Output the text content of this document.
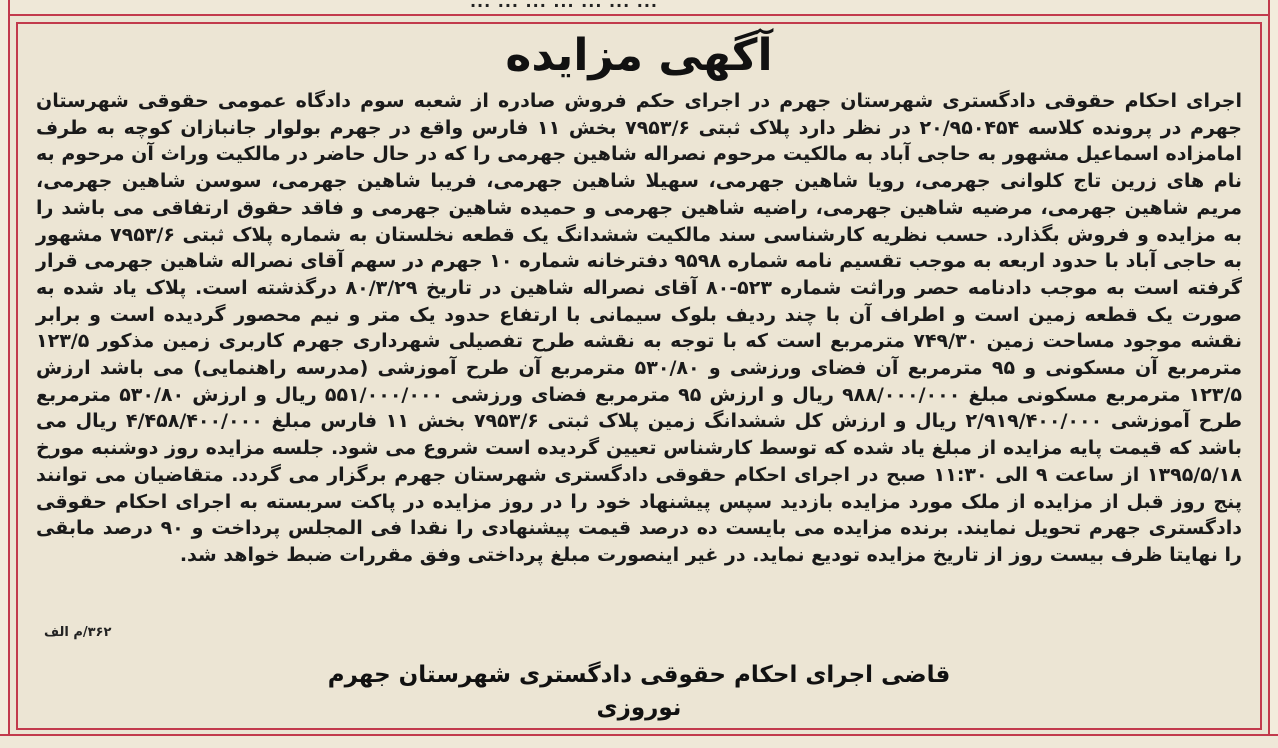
... ... ... ... ... ... ...
آگهی مزایده
اجرای احکام حقوقی دادگستری شهرستان جهرم در اجرای حکم فروش صادره از شعبه سوم دادگاه عمومی حقوقی شهرستان جهرم در پرونده کلاسه ۲۰/۹۵۰۴۵۴ در نظر دارد پلاک ثبتی ۷۹۵۳/۶ بخش ۱۱ فارس واقع در جهرم بولوار جانبازان کوچه به طرف امامزاده اسماعیل مشهور به حاجی آباد به مالکیت مرحوم نصراله شاهین جهرمی را که در حال حاضر در مالکیت وراث آن مرحوم به نام های زرین تاج کلوانی جهرمی، رویا شاهین جهرمی، سهیلا شاهین جهرمی، فریبا شاهین جهرمی، سوسن شاهین جهرمی، مریم شاهین جهرمی، مرضیه شاهین جهرمی، راضیه شاهین جهرمی و حمیده شاهین جهرمی و فاقد حقوق ارتفاقی می باشد را به مزایده و فروش بگذارد. حسب نظریه کارشناسی سند مالکیت ششدانگ یک قطعه نخلستان به شماره پلاک ثبتی ۷۹۵۳/۶ مشهور به حاجی آباد با حدود اربعه به موجب تقسیم نامه شماره ۹۵۹۸ دفترخانه شماره ۱۰ جهرم در سهم آقای نصراله شاهین جهرمی قرار گرفته است به موجب دادنامه حصر وراثت شماره ۵۲۳-۸۰ آقای نصراله شاهین در تاریخ ۸۰/۳/۲۹ درگذشته است. پلاک یاد شده به صورت یک قطعه زمین است و اطراف آن با چند ردیف بلوک سیمانی با ارتفاع حدود یک متر و نیم محصور گردیده است و برابر نقشه موجود مساحت زمین ۷۴۹/۳۰ مترمربع است که با توجه به نقشه طرح تفصیلی شهرداری جهرم کاربری زمین مذکور ۱۲۳/۵ مترمربع آن مسکونی و ۹۵ مترمربع آن فضای ورزشی و ۵۳۰/۸۰ مترمربع آن طرح آموزشی (مدرسه راهنمایی) می باشد ارزش ۱۲۳/۵ مترمربع مسکونی مبلغ ۹۸۸/۰۰۰/۰۰۰ ریال و ارزش ۹۵ مترمربع فضای ورزشی ۵۵۱/۰۰۰/۰۰۰ ریال و ارزش ۵۳۰/۸۰ مترمربع طرح آموزشی ۲/۹۱۹/۴۰۰/۰۰۰ ریال و ارزش کل ششدانگ زمین پلاک ثبتی ۷۹۵۳/۶ بخش ۱۱ فارس مبلغ ۴/۴۵۸/۴۰۰/۰۰۰ ریال می باشد که قیمت پایه مزایده از مبلغ یاد شده که توسط کارشناس تعیین گردیده است شروع می شود. جلسه مزایده روز دوشنبه مورخ ۱۳۹۵/۵/۱۸ از ساعت ۹ الی ۱۱:۳۰ صبح در اجرای احکام حقوقی دادگستری شهرستان جهرم برگزار می گردد. متقاضیان می توانند پنج روز قبل از مزایده از ملک مورد مزایده بازدید سپس پیشنهاد خود را در روز مزایده در پاکت سربسته به اجرای احکام حقوقی دادگستری جهرم تحویل نمایند. برنده مزایده می بایست ده درصد قیمت پیشنهادی را نقدا فی المجلس پرداخت و ۹۰ درصد مابقی را نهایتا ظرف بیست روز از تاریخ مزایده تودیع نماید. در غیر اینصورت مبلغ پرداختی وفق مقررات ضبط خواهد شد.
۳۶۲/م الف
قاضی اجرای احکام حقوقی دادگستری شهرستان جهرم
نوروزی
